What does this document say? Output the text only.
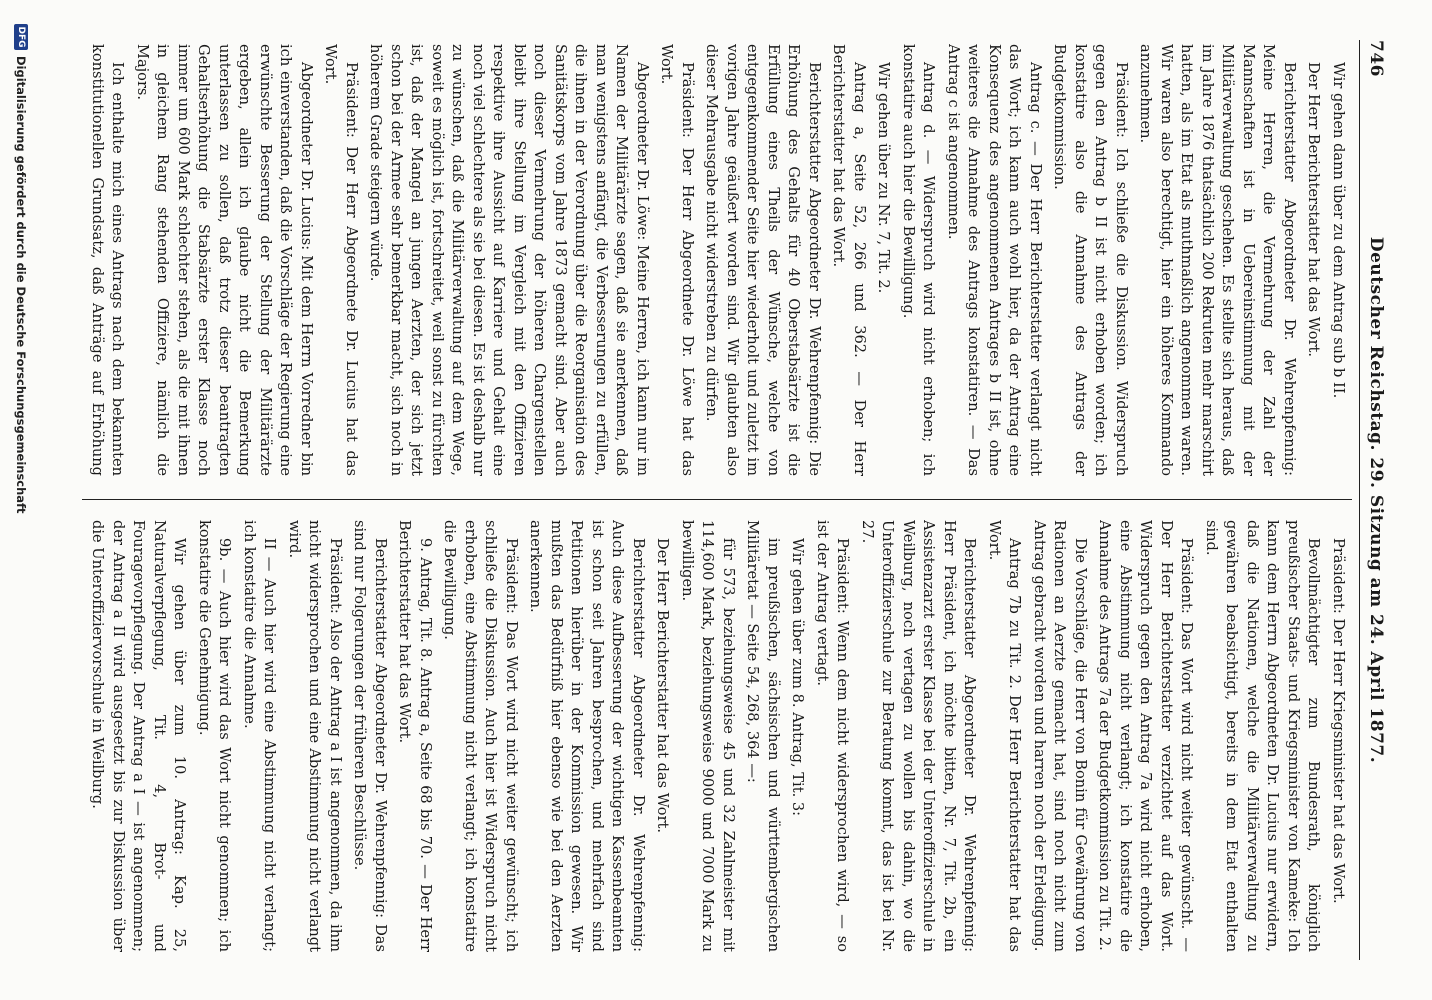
746
Deutscher Reichstag. 29. Sitzung am 24. April 1877.

Wir gehen dann über zu dem Antrag sub b II.

Der Herr Berichterstatter hat das Wort.

Berichterstatter Abgeordneter Dr. Wehrenpfennig: Meine Herren, die Vermehrung der Zahl der Mannschaften ist in Uebereinstimmung mit der Militärverwaltung geschehen. Es stellte sich heraus, daß im Jahre 1876 thatsächlich 200 Rekruten mehr marschirt hatten, als im Etat als muthmaßlich angenommen waren. Wir waren also berechtigt, hier ein höheres Kommando anzunehmen.

Präsident: Ich schließe die Diskussion. Widerspruch gegen den Antrag b II ist nicht erhoben worden; ich konstatire also die Annahme des Antrags der Budgetkommission.

Antrag c. — Der Herr Berichterstatter verlangt nicht das Wort; ich kann auch wohl hier, da der Antrag eine Konsequenz des angenommenen Antrages b II ist, ohne weiteres die Annahme des Antrags konstatiren. — Das Antrag c ist angenommen.

Antrag d. — Widerspruch wird nicht erhoben; ich konstatire auch hier die Bewilligung.

Wir gehen über zu Nr. 7, Tit. 2.

Antrag a, Seite 52, 266 und 362. — Der Herr Berichterstatter hat das Wort.

Berichterstatter Abgeordneter Dr. Wehrenpfennig: Die Erhöhung des Gehalts für 40 Oberstabsärzte ist die Erfüllung eines Theils der Wünsche, welche von entgegenkommender Seite hier wiederholt und zuletzt im vorigen Jahre geäußert worden sind. Wir glaubten also dieser Mehrausgabe nicht widerstreben zu dürfen.

Präsident: Der Herr Abgeordnete Dr. Löwe hat das Wort.

Abgeordneter Dr. Löwe: Meine Herren, ich kann nur im Namen der Militärärzte sagen, daß sie anerkennen, daß man wenigstens anfängt, die Verbesserungen zu erfüllen, die ihnen in der Verordnung über die Reorganisation des Sanitätskorps vom Jahre 1873 gemacht sind. Aber auch noch dieser Vermehrung der höheren Chargenstellen bleibt ihre Stellung im Vergleich mit den Offizieren respektive ihre Aussicht auf Karriere und Gehalt eine noch viel schlechtere als sie bei diesen. Es ist deshalb nur zu wünschen, daß die Militärverwaltung auf dem Wege, soweit es möglich ist, fortschreitet, weil sonst zu fürchten ist, daß der Mangel an jungen Aerzten, der sich jetzt schon bei der Armee sehr bemerkbar macht, sich noch in höherem Grade steigern würde.

Präsident: Der Herr Abgeordnete Dr. Lucius hat das Wort.

Abgeordneter Dr. Lucius: Mit dem Herrn Vorredner bin ich einverstanden, daß die Vorschläge der Regierung eine erwünschte Besserung der Stellung der Militärärzte ergeben, allein ich glaube nicht die Bemerkung unterlassen zu sollen, daß trotz dieser beantragten Gehaltserhöhung die Stabsärzte erster Klasse noch immer um 600 Mark schlechter stehen, als die mit ihnen in gleichem Rang stehenden Offiziere, nämlich die Majors.

Ich enthalte mich eines Antrags nach dem bekannten konstitutionellen Grundsatz, daß Anträge auf Erhöhung

Präsident: Der Herr Kriegsminister hat das Wort.

Bevollmächtigter zum Bundesrath, königlich preußischer Staats- und Kriegsminister von Kameke: Ich kann dem Herrn Abgeordneten Dr. Lucius nur erwidern, daß die Nationen, welche die Militärverwaltung zu gewähren beabsichtigt, bereits in dem Etat enthalten sind.

Präsident: Das Wort wird nicht weiter gewünscht. — Der Herr Berichterstatter verzichtet auf das Wort. Widerspruch gegen den Antrag 7a wird nicht erhoben, eine Abstimmung nicht verlangt; ich konstatire die Annahme des Antrags 7a der Budgetkommission zu Tit. 2.

Die Vorschläge, die Herr von Bonin für Gewährung von Rationen an Aerzte gemacht hat, sind noch nicht zum Antrag gebracht worden und harren noch der Erledigung.

Antrag 7b zu Tit. 2. Der Herr Berichterstatter hat das Wort.

Berichterstatter Abgeordneter Dr. Wehrenpfennig: Herr Präsident, ich möchte bitten, Nr. 7, Tit. 2b, ein Assistenzarzt erster Klasse bei der Unteroffizierschule in Weilburg, noch vertagen zu wollen bis dahin, wo die Unteroffizierschule zur Beratung kommt, das ist bei Nr. 27.

Präsident: Wenn dem nicht widersprochen wird, — so ist der Antrag vertagt.

Wir gehen über zum 8. Antrag, Tit. 3:

im preußischen, sächsischen und württembergischen Militäretat — Seite 54, 268, 364 —:

für 573, beziehungsweise 45 und 32 Zahlmeister mit 114,600 Mark, beziehungsweise 9000 und 7000 Mark zu bewilligen.

Der Herr Berichterstatter hat das Wort.

Berichterstatter Abgeordneter Dr. Wehrenpfennig: Auch diese Aufbesserung der wichtigen Kassenbeamten ist schon seit Jahren besprochen, und mehrfach sind Petitionen hierüber in der Kommission gewesen. Wir mußten das Bedürfniß hier ebenso wie bei den Aerzten anerkennen.

Präsident: Das Wort wird nicht weiter gewünscht; ich schließe die Diskussion. Auch hier ist Widerspruch nicht erhoben, eine Abstimmung nicht verlangt; ich konstatire die Bewilligung.

9. Antrag, Tit. 8. Antrag a, Seite 68 bis 70. — Der Herr Berichterstatter hat das Wort.

Berichterstatter Abgeordneter Dr. Wehrenpfennig: Das sind nur Folgerungen der früheren Beschlüsse.

Präsident: Also der Antrag a I ist angenommen, da ihm nicht widersprochen und eine Abstimmung nicht verlangt wird.

II — Auch hier wird eine Abstimmung nicht verlangt; ich konstatire die Annahme.

9b. — Auch hier wird das Wort nicht genommen; ich konstatire die Genehmigung.

Wir gehen über zum 10. Antrag: Kap. 25, Naturalverpflegung, Tit. 4, Brot- und Fouragevorpflegung. Der Antrag a I — ist angenommen; der Antrag a II wird ausgesetzt bis zur Diskussion über die Unteroffiziervorschule in Weilburg.

DFG
Digitalisierung gefördert durch die Deutsche Forschungsgemeinschaft
